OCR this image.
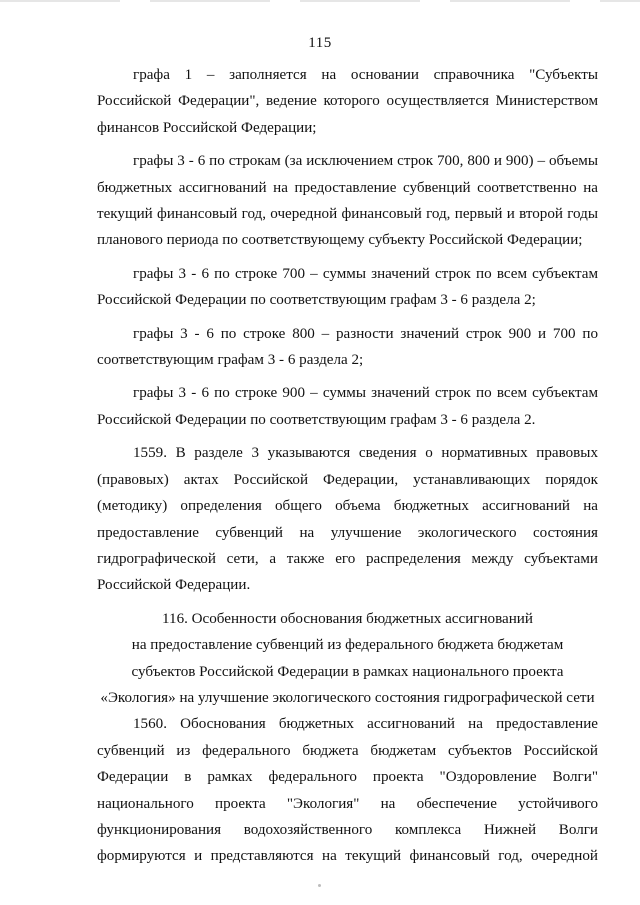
115

графа 1 – заполняется на основании справочника "Субъекты Российской Федерации", ведение которого осуществляется Министерством финансов Российской Федерации;

графы 3 - 6 по строкам (за исключением строк 700, 800 и 900) – объемы бюджетных ассигнований на предоставление субвенций соответственно на текущий финансовый год, очередной финансовый год, первый и второй годы планового периода по соответствующему субъекту Российской Федерации;

графы 3 - 6 по строке 700 – суммы значений строк по всем субъектам Российской Федерации по соответствующим графам 3 - 6 раздела 2;

графы 3 - 6 по строке 800 – разности значений строк 900 и 700 по соответствующим графам 3 - 6 раздела 2;

графы 3 - 6 по строке 900 – суммы значений строк по всем субъектам Российской Федерации по соответствующим графам 3 - 6 раздела 2.

1559. В разделе 3 указываются сведения о нормативных правовых (правовых) актах Российской Федерации, устанавливающих порядок (методику) определения общего объема бюджетных ассигнований на предоставление субвенций на улучшение экологического состояния гидрографической сети, а также его распределения между субъектами Российской Федерации.

116. Особенности обоснования бюджетных ассигнований
на предоставление субвенций из федерального бюджета бюджетам
субъектов Российской Федерации в рамках национального проекта
«Экология» на улучшение экологического состояния гидрографической сети

1560. Обоснования бюджетных ассигнований на предоставление субвенций из федерального бюджета бюджетам субъектов Российской Федерации в рамках федерального проекта "Оздоровление Волги" национального проекта "Экология" на обеспечение устойчивого функционирования водохозяйственного комплекса Нижней Волги формируются и представляются на текущий финансовый год, очередной
